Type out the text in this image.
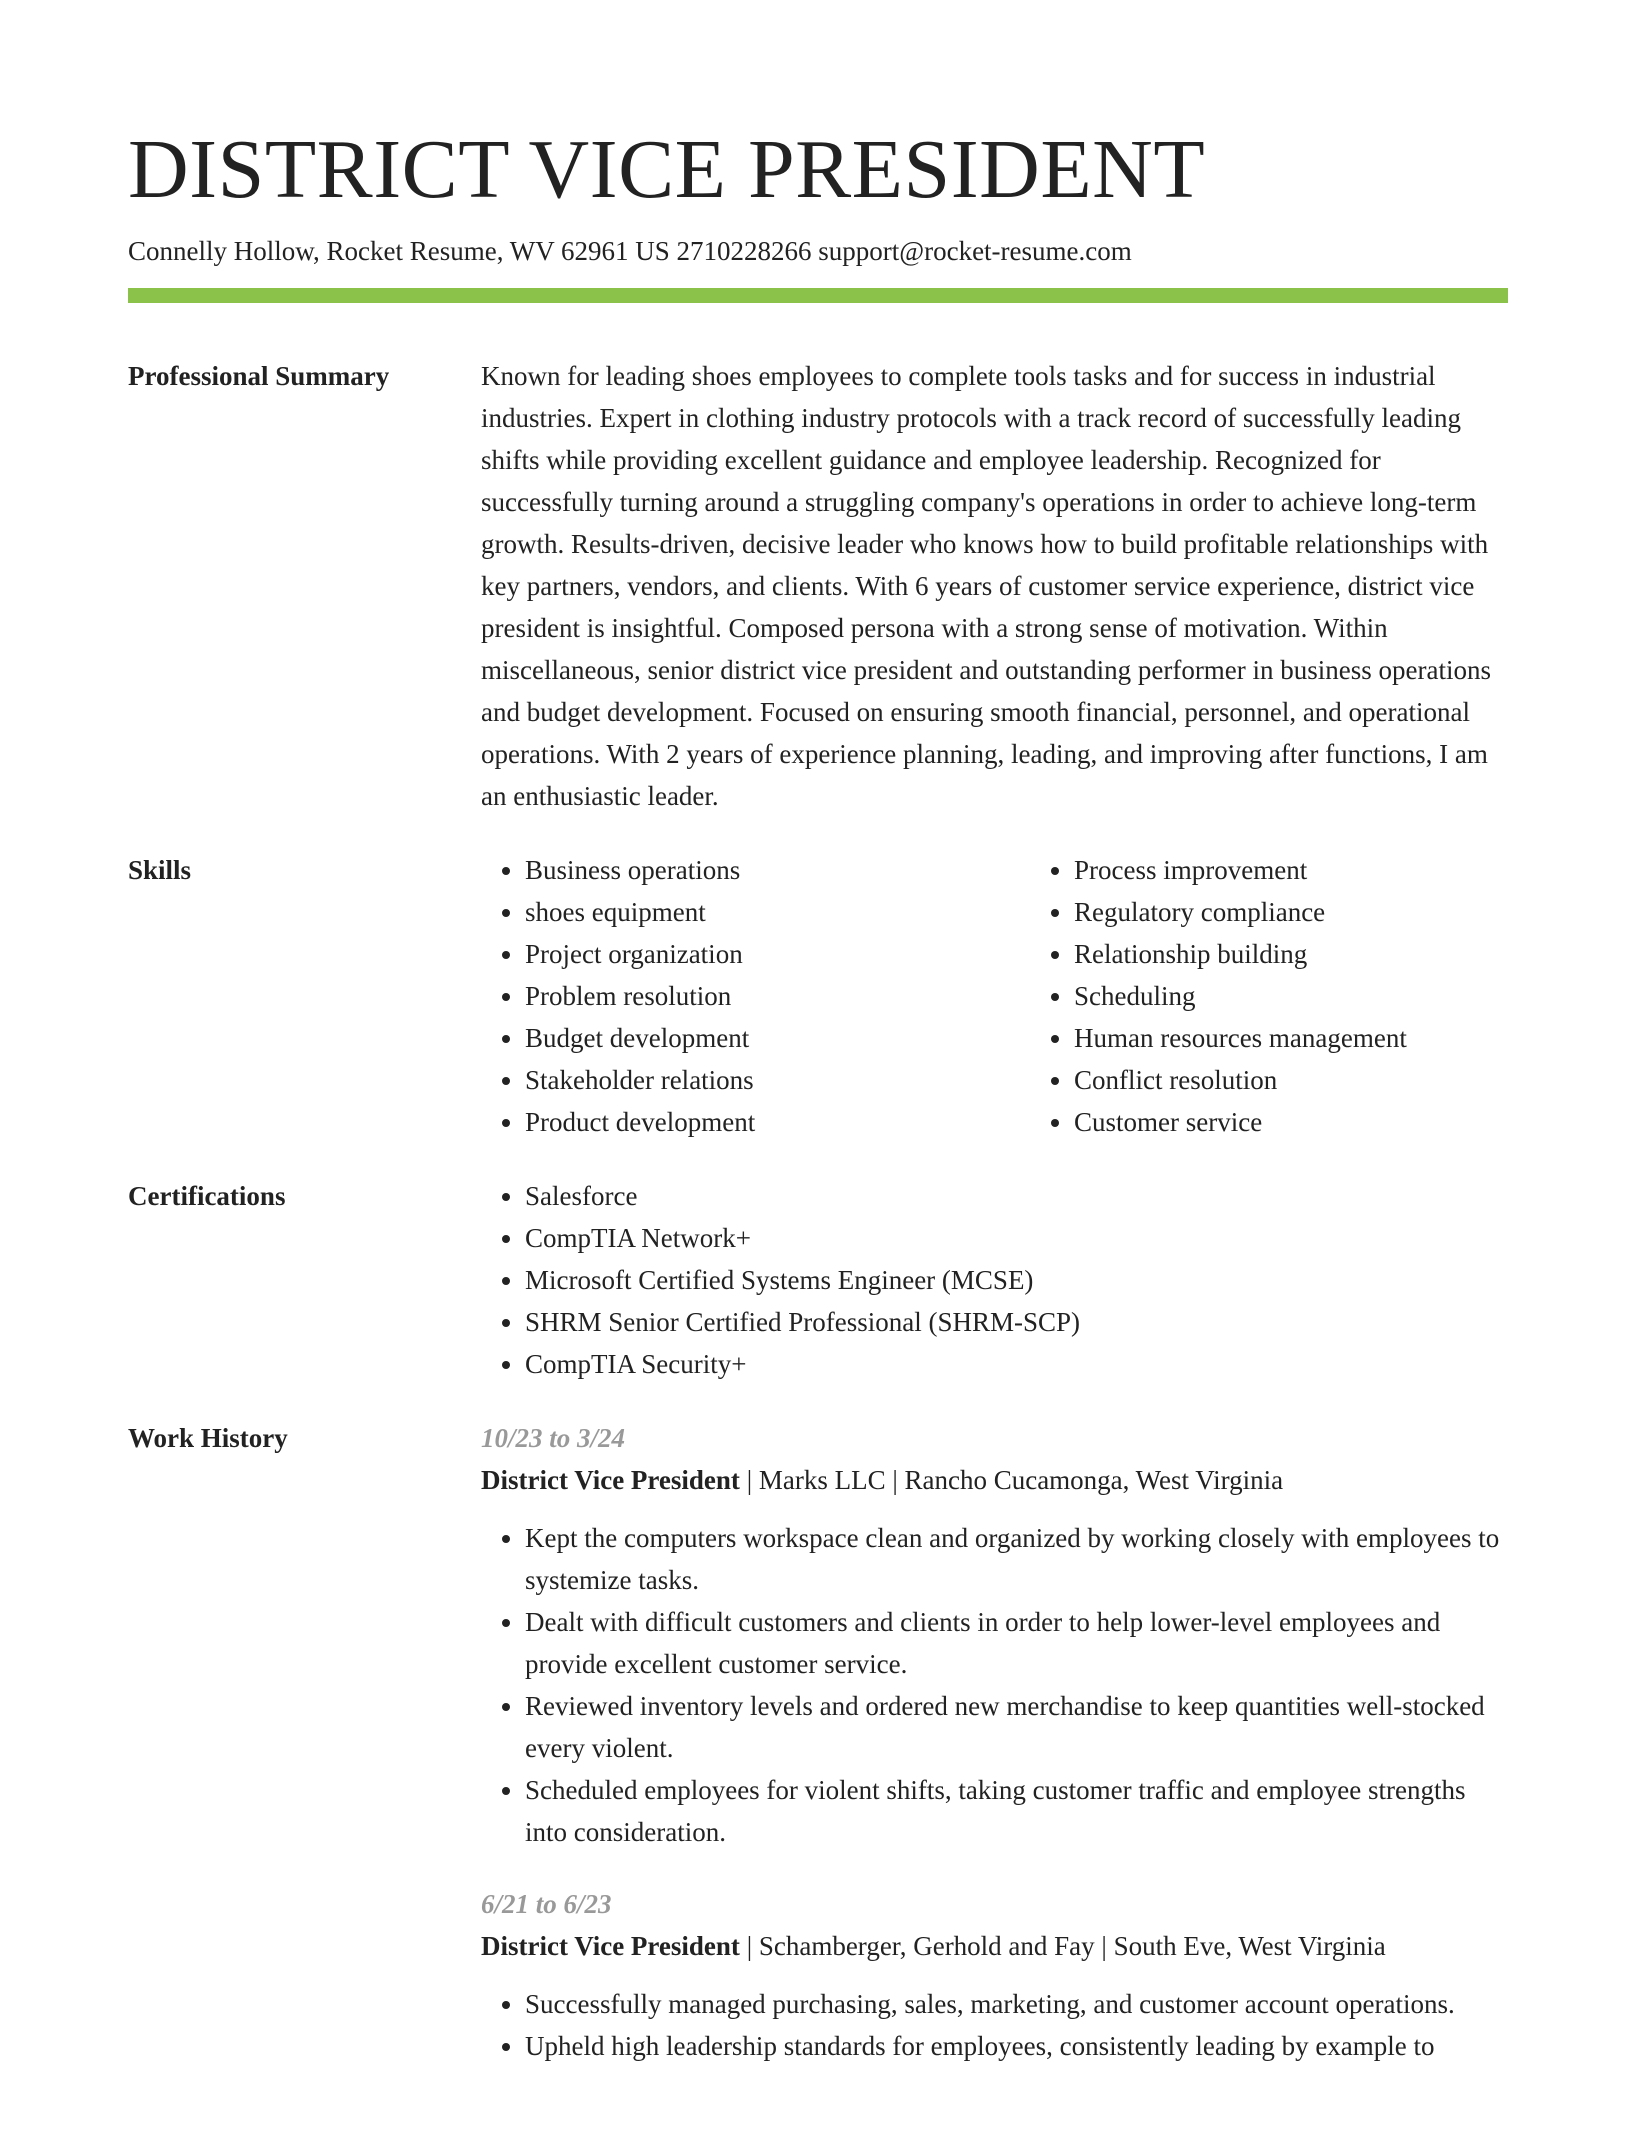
DISTRICT VICE PRESIDENT
Connelly Hollow, Rocket Resume, WV 62961 US 2710228266 support@rocket-resume.com
Professional Summary	Known for leading shoes employees to complete tools tasks and for success in industrial industries. Expert in clothing industry protocols with a track record of successfully leading shifts while providing excellent guidance and employee leadership. Recognized for successfully turning around a struggling company's operations in order to achieve long-term growth. Results-driven, decisive leader who knows how to build profitable relationships with key partners, vendors, and clients. With 6 years of customer service experience, district vice president is insightful. Composed persona with a strong sense of motivation. Within miscellaneous, senior district vice president and outstanding performer in business operations and budget development. Focused on ensuring smooth financial, personnel, and operational operations. With 2 years of experience planning, leading, and improving after functions, I am an enthusiastic leader.

Skills	• Business operations
• shoes equipment
• Project organization
• Problem resolution
• Budget development
• Stakeholder relations
• Product development
• Process improvement
• Regulatory compliance
• Relationship building
• Scheduling
• Human resources management
• Conflict resolution
• Customer service
Certifications	• Salesforce
• CompTIA Network+
• Microsoft Certified Systems Engineer (MCSE)
• SHRM Senior Certified Professional (SHRM-SCP)
• CompTIA Security+
Work History	10/23 to 3/24
District Vice President | Marks LLC | Rancho Cucamonga, West Virginia
• Kept the computers workspace clean and organized by working closely with employees to systemize tasks.
• Dealt with difficult customers and clients in order to help lower-level employees and provide excellent customer service.
• Reviewed inventory levels and ordered new merchandise to keep quantities well-stocked every violent.
• Scheduled employees for violent shifts, taking customer traffic and employee strengths into consideration.
6/21 to 6/23
District Vice President | Schamberger, Gerhold and Fay | South Eve, West Virginia
• Successfully managed purchasing, sales, marketing, and customer account operations.
• Upheld high leadership standards for employees, consistently leading by example to
